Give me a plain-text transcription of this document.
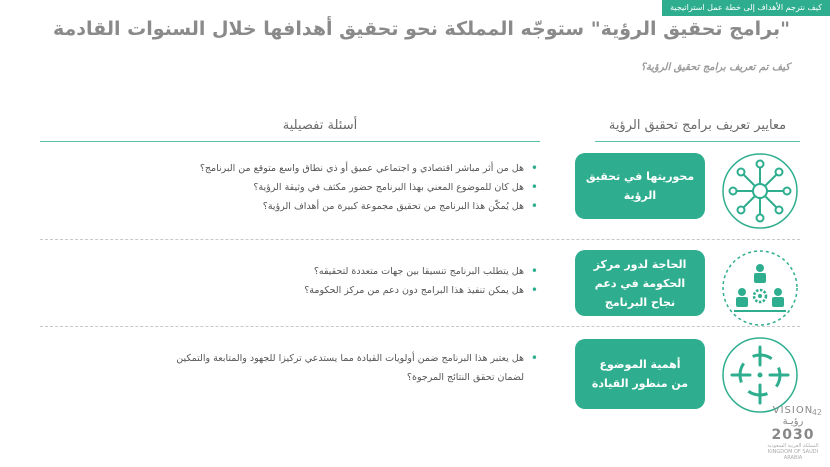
كيف نترجم الأهداف إلى خطة عمل استراتيجية
"برامج تحقيق الرؤية" ستوجّه المملكة نحو تحقيق أهدافها خلال السنوات القادمة
كيف تم تعريف برامج تحقيق الرؤية؟
معايير تعريف برامج تحقيق الرؤية
أسئلة تفصيلية
محوريتها في تحقيق الرؤية
• هل من أثر مباشر اقتصادي و اجتماعي عميق أو ذي نطاق واسع متوقع من البرنامج؟
• هل كان للموضوع المعني بهذا البرنامج حضور مكثف في وثيقة الرؤية؟
• هل يُمكّن هذا البرنامج من تحقيق مجموعة كبيرة من أهداف الرؤية؟
الحاجة لدور مركز
الحكومة في دعم نجاح البرنامج
• هل يتطلب البرنامج تنسيقا بين جهات متعددة لتحقيقه؟
• هل يمكن تنفيذ هذا البرامج دون دعم من مركز الحكومة؟
أهمية الموضوع
من منظور القيادة
• هل يعتبر هذا البرنامج ضمن أولويات القيادة مما يستدعي تركيزا للجهود والمتابعة والتمكين
لضمان تحقق النتائج المرجوة؟
42
VISION رؤيـة
2030
المملكة العربية السعودية KINGDOM OF SAUDI ARABIA
